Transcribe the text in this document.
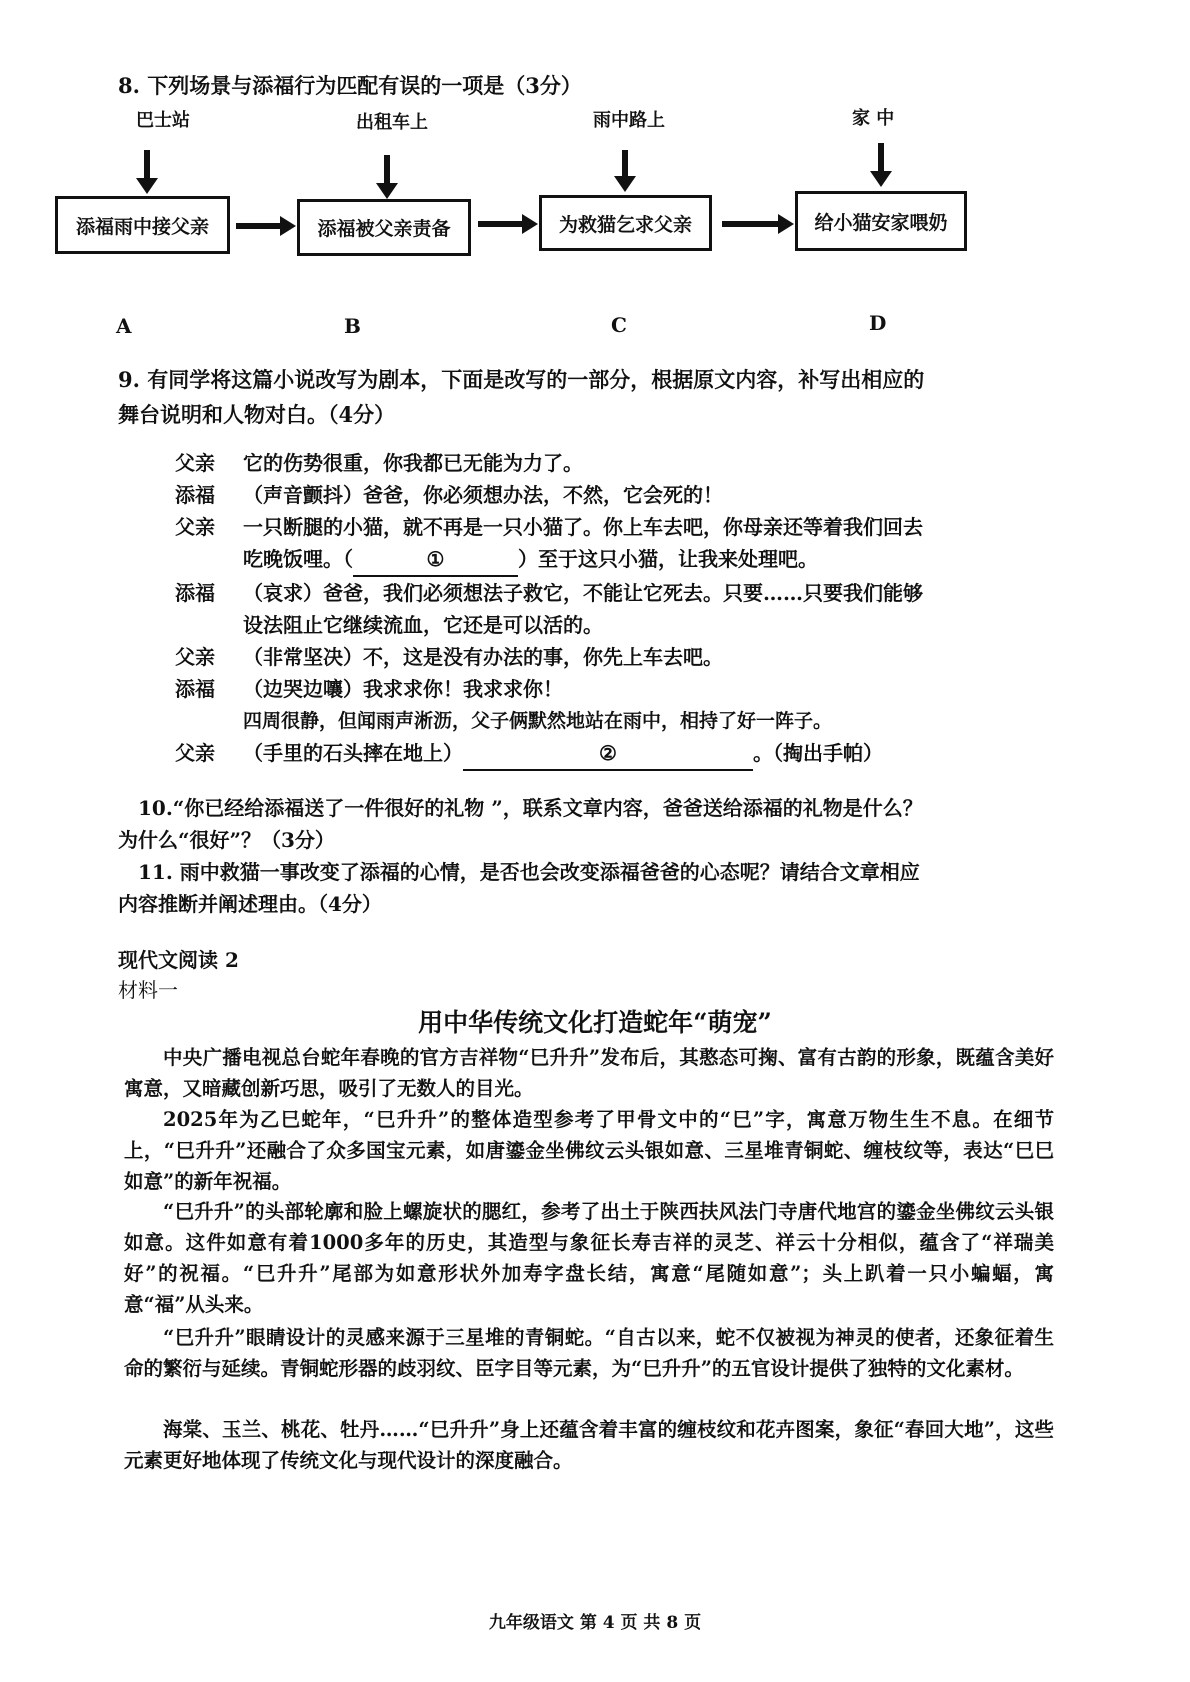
8. 下列场景与添福行为匹配有误的一项是（3分）
巴士站	出租车上	雨中路上	家 中
添福雨中接父亲	添福被父亲责备	为救猫乞求父亲	给小猫安家喂奶
A	B	C	D
9. 有同学将这篇小说改写为剧本，下面是改写的一部分，根据原文内容，补写出相应的
舞台说明和人物对白。（4分）
父亲	它的伤势很重，你我都已无能为力了。
添福	（声音颤抖）爸爸，你必须想办法，不然，它会死的！
父亲	一只断腿的小猫，就不再是一只小猫了。你上车去吧，你母亲还等着我们回去
吃晚饭哩。（	①	）至于这只小猫，让我来处理吧。
添福	（哀求）爸爸，我们必须想法子救它，不能让它死去。只要……只要我们能够
设法阻止它继续流血，它还是可以活的。
父亲	（非常坚决）不，这是没有办法的事，你先上车去吧。
添福	（边哭边嚷）我求求你！我求求你！
四周很静，但闻雨声淅沥，父子俩默然地站在雨中，相持了好一阵子。
父亲	（手里的石头摔在地上）	②	。（掏出手帕）
10.“你已经给添福送了一件很好的礼物 ”，联系文章内容，爸爸送给添福的礼物是什么？
为什么“很好”？（3分）
11. 雨中救猫一事改变了添福的心情，是否也会改变添福爸爸的心态呢？请结合文章相应
内容推断并阐述理由。（4分）
现代文阅读 2
材料一
用中华传统文化打造蛇年“萌宠”
中央广播电视总台蛇年春晚的官方吉祥物“巳升升”发布后，其憨态可掬、富有古韵的形象，既蕴含美好寓意，又暗藏创新巧思，吸引了无数人的目光。
2025年为乙巳蛇年，“巳升升”的整体造型参考了甲骨文中的“巳”字，寓意万物生生不息。在细节上，“巳升升”还融合了众多国宝元素，如唐鎏金坐佛纹云头银如意、三星堆青铜蛇、缠枝纹等，表达“巳巳如意”的新年祝福。
“巳升升”的头部轮廓和脸上螺旋状的腮红，参考了出土于陕西扶风法门寺唐代地宫的鎏金坐佛纹云头银如意。这件如意有着1000多年的历史，其造型与象征长寿吉祥的灵芝、祥云十分相似，蕴含了“祥瑞美好”的祝福。“巳升升”尾部为如意形状外加寿字盘长结，寓意“尾随如意”；头上趴着一只小蝙蝠，寓意“福”从头来。
“巳升升”眼睛设计的灵感来源于三星堆的青铜蛇。“自古以来，蛇不仅被视为神灵的使者，还象征着生命的繁衍与延续。青铜蛇形器的歧羽纹、臣字目等元素，为“巳升升”的五官设计提供了独特的文化素材。
海棠、玉兰、桃花、牡丹……“巳升升”身上还蕴含着丰富的缠枝纹和花卉图案，象征“春回大地”，这些元素更好地体现了传统文化与现代设计的深度融合。
九年级语文 第 4 页 共 8 页
